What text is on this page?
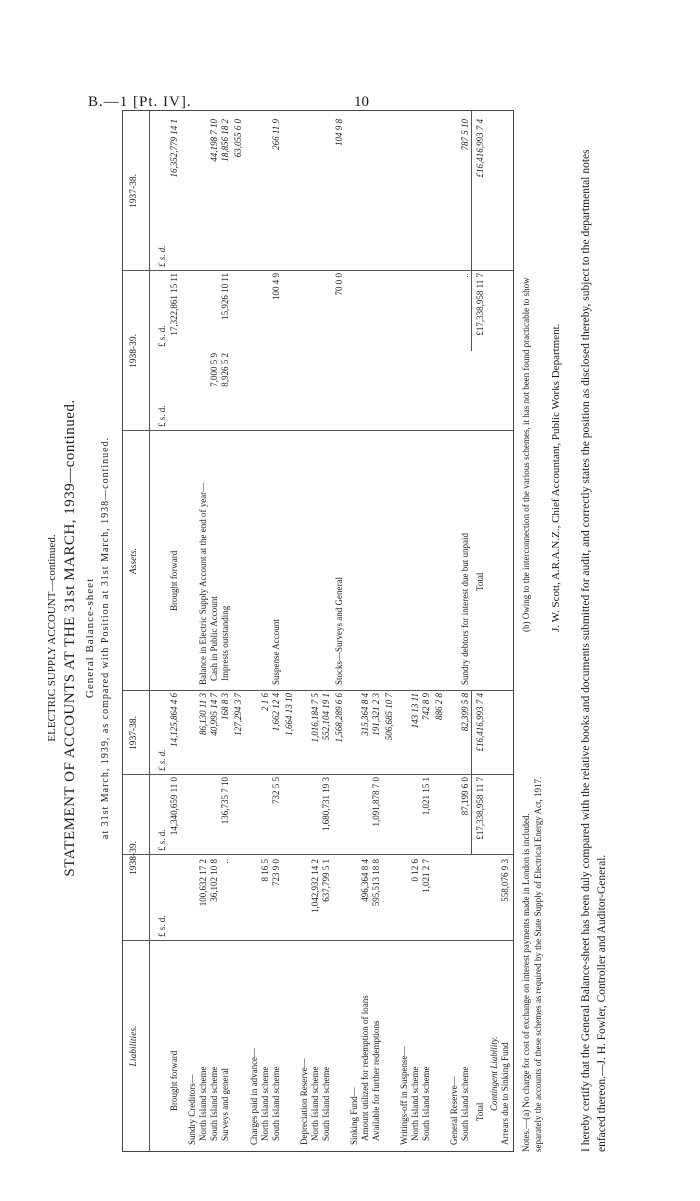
B.—1 [Pt. IV].	10
ELECTRIC SUPPLY ACCOUNT—continued. STATEMENT OF ACCOUNTS AT THE 31st MARCH, 1939—continued. General Balance-sheet at 31st March, 1939, as compared with Position at 31st March, 1938—continued.
Liabilities.
1938-39.
1937-38.
Assets.
1938-39.
1937-38.
£ s. d.
£ s. d.
£ s. d.
£ s. d.
£ s. d.
£ s. d.
Brought forward
14,340,659 11 0
14,125,864 4 6
Sundry Creditors— North Island scheme
100,632 17 2
86,130 11 3
South Island scheme
36,102 10 8
40,995 14 7
Surveys and general
..
136,735 7 10
168 8 3 127,294 3 7
Charges paid in advance— North Island scheme
8 16 5
2 1 6
South Island scheme
723 9 0
732 5 5
1,662 12 4 1,664 13 10
Depreciation Reserve— North Island scheme
1,042,932 14 2
1,016,184 7 5
South Island scheme
637,799 5 1
1,680,731 19 3
552,104 19 1 1,568,289 6 6
Sinking Fund— Amount utilized for redemption of loans
496,364 8 4
315,364 8 4
Available for further redemptions
595,513 18 8
1,091,878 7 0
191,321 2 3 506,685 10 7
Writings-off in Suspense— North Island scheme
0 12 6
143 13 11
South Island scheme
1,021 2 7
1,021 15 1
742 8 9 886 2 8
General Reserve— South Island scheme
87,199 6 0
82,399 5 8
Total
£17,338,958 11 7
£16,416,993 7 4
Contingent Liability. Arrears due to Sinking Fund
558,076 9 3
Brought forward
17,322,861 15 11
16,352,779 14 1
Balance in Electric Supply Account at the end of year— Cash in Public Account
7,000 5 9
44,198 7 10
Imprests outstanding
8,926 5 2
15,926 10 11
18,856 18 2 63,055 6 0
Suspense Account
100 4 9
266 11 9
Stocks—Surveys and General
70 0 0
104 9 8
Sundry debtors for interest due but unpaid
..
787 5 10
Total
£17,338,958 11 7
£16,416,993 7 4
Notes.—(a) No charge for cost of exchange on interest payments made in London is included. separately the accounts of these schemes as required by the State Supply of Electrical Energy Act, 1917.
(b) Owing to the interconnection of the various schemes, it has not been found practicable to show J. W. Scott, A.R.A.N.Z., Chief Accountant, Public Works Department. I hereby certify that the General Balance-sheet has been duly compared with the relative books and documents submitted for audit, and correctly states the position as disclosed thereby, subject to the departmental notes enfaced thereon.—J. H. Fowler, Controller and Auditor-General.
